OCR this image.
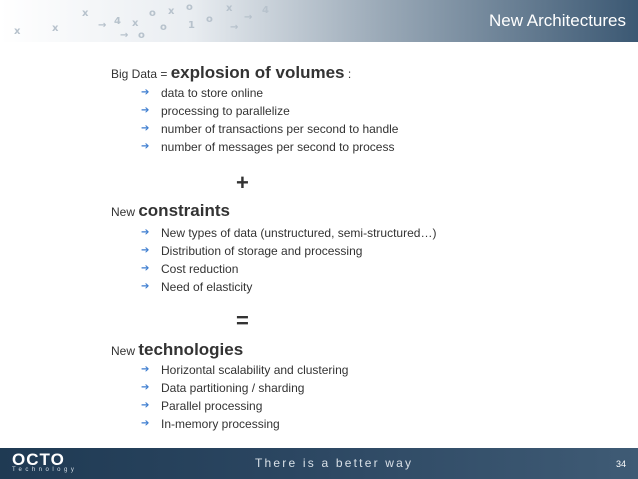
x	→ 4 x
o x o	x
o	→
4
x	→ o
o 1	→
x	New Architectures
Big Data = explosion of volumes :
➔ data to store online
➔ processing to parallelize
➔ number of transactions per second to handle
➔ number of messages per second to process
+
New constraints
➔ New types of data (unstructured, semi-structured…)
➔ Distribution of storage and processing
➔ Cost reduction
➔ Need of elasticity
=
New technologies
➔ Horizontal scalability and clustering
➔ Data partitioning / sharding
➔ Parallel processing
➔ In-memory processing
OCTO
Technology	There is a better way	34
